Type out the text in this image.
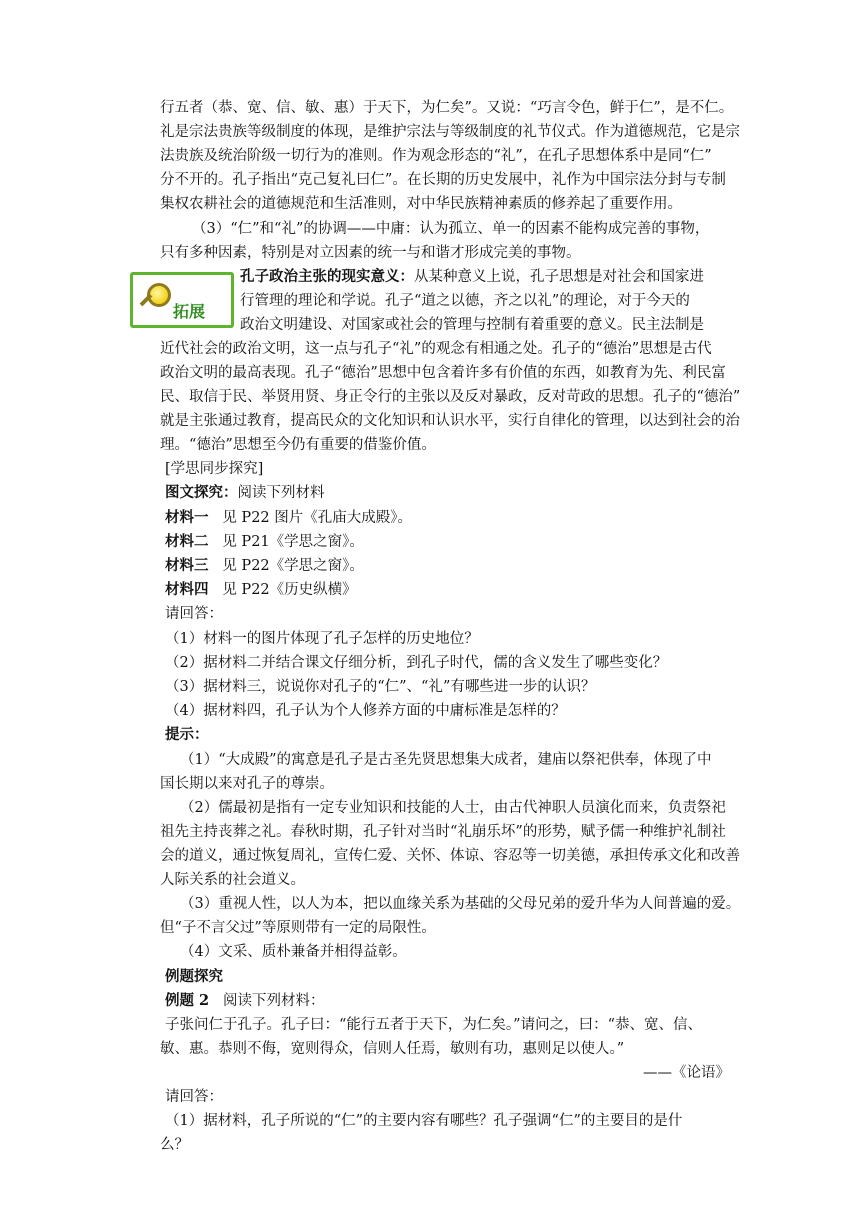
行五者（恭、宽、信、敏、惠）于天下，为仁矣”。又说：“巧言令色，鲜于仁”，是不仁。
礼是宗法贵族等级制度的体现，是维护宗法与等级制度的礼节仪式。作为道德规范，它是宗
法贵族及统治阶级一切行为的准则。作为观念形态的“礼”，在孔子思想体系中是同“仁”
分不开的。孔子指出“克己复礼曰仁”。在长期的历史发展中，礼作为中国宗法分封与专制
集权农耕社会的道德规范和生活准则，对中华民族精神素质的修养起了重要作用。
（3）“仁”和“礼”的协调——中庸：认为孤立、单一的因素不能构成完善的事物，
只有多种因素，特别是对立因素的统一与和谐才形成完美的事物。
拓展
孔子政治主张的现实意义：从某种意义上说，孔子思想是对社会和国家进
行管理的理论和学说。孔子“道之以德，齐之以礼”的理论，对于今天的
政治文明建设、对国家或社会的管理与控制有着重要的意义。民主法制是
近代社会的政治文明，这一点与孔子“礼”的观念有相通之处。孔子的“德治”思想是古代
政治文明的最高表现。孔子“德治”思想中包含着许多有价值的东西，如教育为先、利民富
民、取信于民、举贤用贤、身正令行的主张以及反对暴政，反对苛政的思想。孔子的“德治”
就是主张通过教育，提高民众的文化知识和认识水平，实行自律化的管理，以达到社会的治
理。“德治”思想至今仍有重要的借鉴价值。
[学思同步探究]
图文探究：阅读下列材料
材料一 见 P22 图片《孔庙大成殿》。
材料二 见 P21《学思之窗》。
材料三 见 P22《学思之窗》。
材料四 见 P22《历史纵横》
请回答：
（1）材料一的图片体现了孔子怎样的历史地位？
（2）据材料二并结合课文仔细分析，到孔子时代，儒的含义发生了哪些变化？
（3）据材料三，说说你对孔子的“仁”、“礼”有哪些进一步的认识？
（4）据材料四，孔子认为个人修养方面的中庸标准是怎样的？
提示：
（1）“大成殿”的寓意是孔子是古圣先贤思想集大成者，建庙以祭祀供奉，体现了中
国长期以来对孔子的尊崇。
（2）儒最初是指有一定专业知识和技能的人士，由古代神职人员演化而来，负责祭祀
祖先主持丧葬之礼。春秋时期，孔子针对当时“礼崩乐坏”的形势，赋予儒一种维护礼制社
会的道义，通过恢复周礼，宣传仁爱、关怀、体谅、容忍等一切美德，承担传承文化和改善
人际关系的社会道义。
（3）重视人性，以人为本，把以血缘关系为基础的父母兄弟的爱升华为人间普遍的爱。
但“子不言父过”等原则带有一定的局限性。
（4）文采、质朴兼备并相得益彰。
例题探究
例题 2 阅读下列材料：
子张问仁于孔子。孔子曰：“能行五者于天下，为仁矣。”请问之，曰：“恭、宽、信、
敏、惠。恭则不侮，宽则得众，信则人任焉，敏则有功，惠则足以使人。”
——《论语》
请回答：
（1）据材料，孔子所说的“仁”的主要内容有哪些？孔子强调“仁”的主要目的是什
么？
